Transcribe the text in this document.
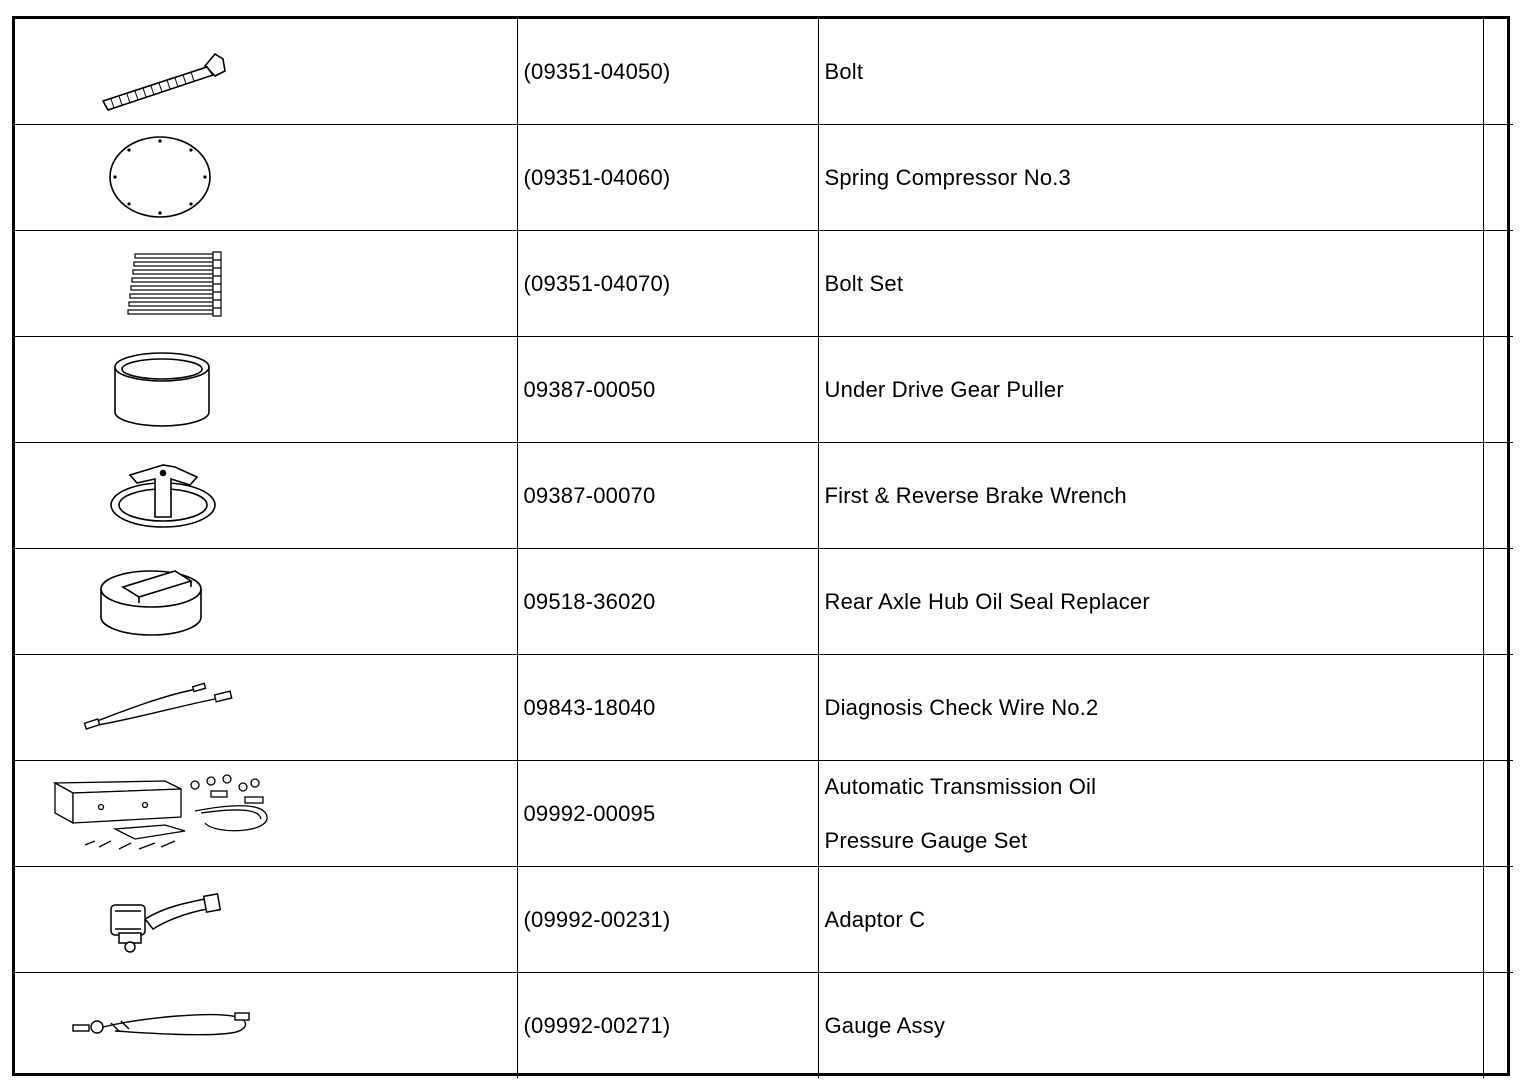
	(09351-04050)	Bolt	

	(09351-04060)	Spring Compressor No.3	

	(09351-04070)	Bolt Set	

	09387-00050	Under Drive Gear Puller	

	09387-00070	First & Reverse Brake Wrench	

	09518-36020	Rear Axle Hub Oil Seal Replacer	

	09843-18040	Diagnosis Check Wire No.2	

	09992-00095	Automatic Transmission Oil
Pressure Gauge Set	

	(09992-00231)	Adaptor C	

	(09992-00271)	Gauge Assy	
